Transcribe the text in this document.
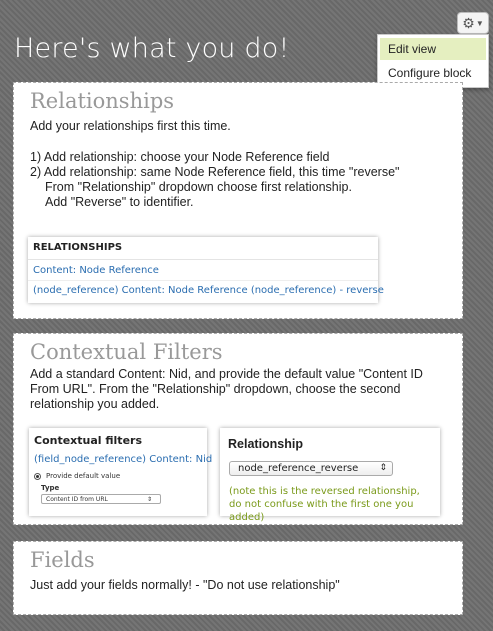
Here's what you do!
⚙ ▼
Edit view
Configure block
Relationships
Add your relationships first this time.
1) Add relationship: choose your Node Reference field
2) Add relationship: same Node Reference field, this time "reverse"
From "Relationship" dropdown choose first relationship.
Add "Reverse" to identifier.
RELATIONSHIPS
Content: Node Reference
(node_reference) Content: Node Reference (node_reference) - reverse
Contextual Filters
Add a standard Content: Nid, and provide the default value "Content ID From URL". From the "Relationship" dropdown, choose the second relationship you added.
Contextual filters
(field_node_reference) Content: Nid
Provide default value
Type
Content ID from URL	⇕
Relationship
node_reference_reverse ⇕
(note this is the reversed relationship, do not confuse with the first one you added)
Fields
Just add your fields normally! - "Do not use relationship"
